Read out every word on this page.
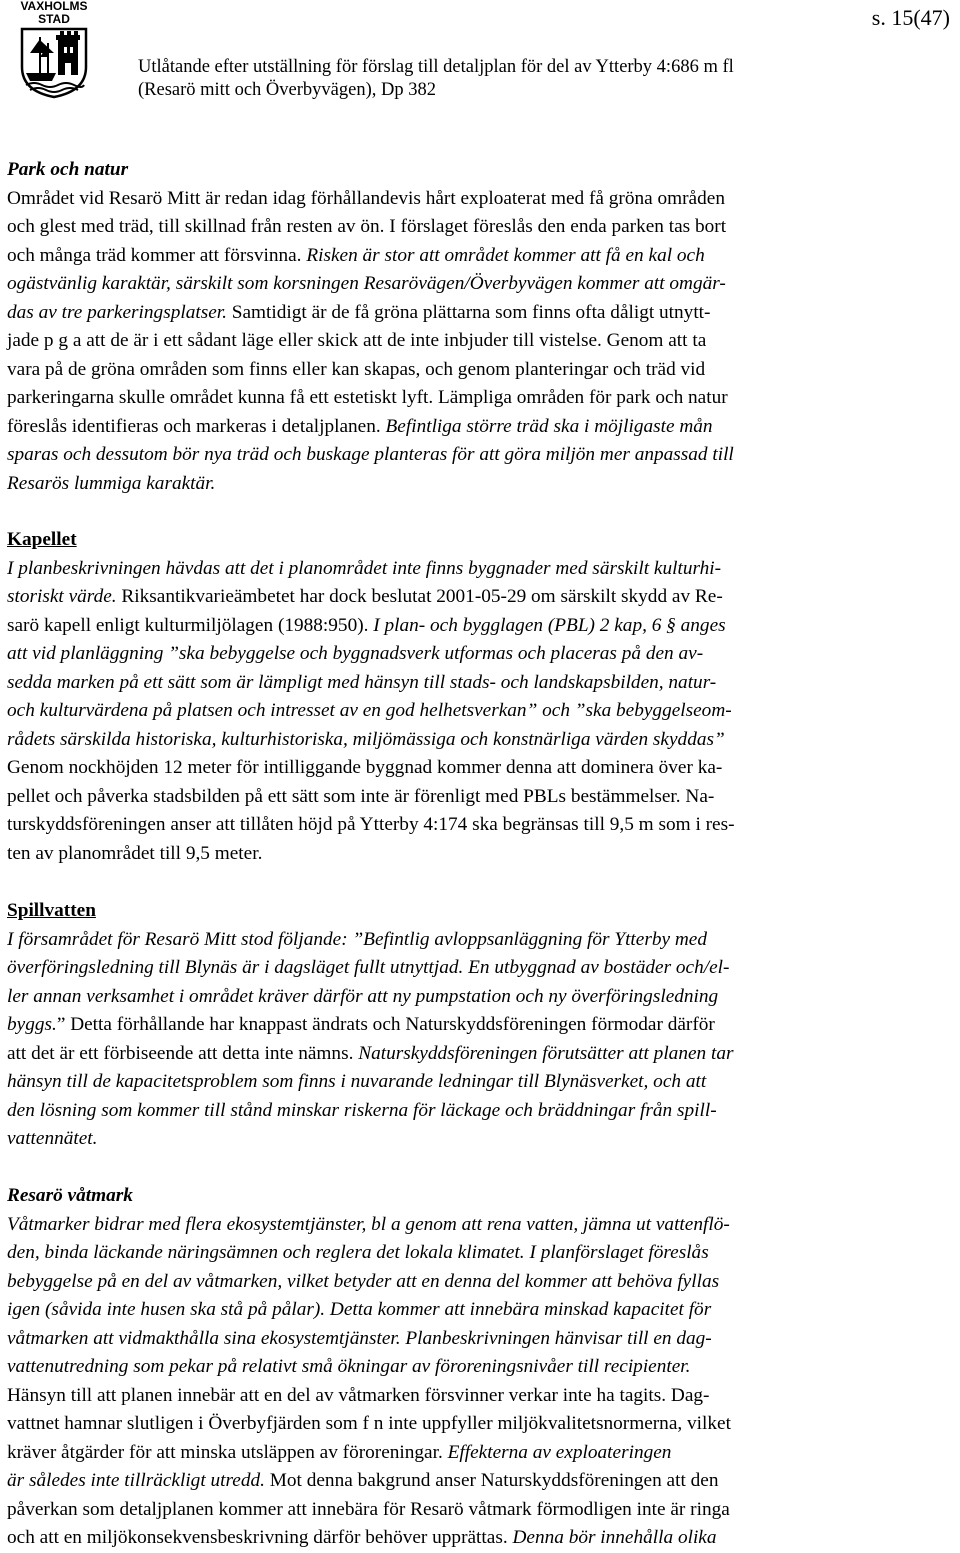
VAXHOLMS
STAD	s. 15(47)
Utlåtande efter utställning för förslag till detaljplan för del av Ytterby 4:686 m fl
(Resarö mitt och Överbyvägen), Dp 382
Park och natur

Området vid Resarö Mitt är redan idag förhållandevis hårt exploaterat med få gröna områden

och glest med träd, till skillnad från resten av ön. I förslaget föreslås den enda parken tas bort

och många träd kommer att försvinna. Risken är stor att området kommer att få en kal och

ogästvänlig karaktär, särskilt som korsningen Resarövägen/Överbyvägen kommer att omgär-

das av tre parkeringsplatser. Samtidigt är de få gröna plättarna som finns ofta dåligt utnytt-

jade p g a att de är i ett sådant läge eller skick att de inte inbjuder till vistelse. Genom att ta

vara på de gröna områden som finns eller kan skapas, och genom planteringar och träd vid

parkeringarna skulle området kunna få ett estetiskt lyft. Lämpliga områden för park och natur

föreslås identifieras och markeras i detaljplanen. Befintliga större träd ska i möjligaste mån

sparas och dessutom bör nya träd och buskage planteras för att göra miljön mer anpassad till

Resarös lummiga karaktär.

Kapellet

I planbeskrivningen hävdas att det i planområdet inte finns byggnader med särskilt kulturhi-

storiskt värde. Riksantikvarieämbetet har dock beslutat 2001-05-29 om särskilt skydd av Re-

sarö kapell enligt kulturmiljölagen (1988:950). I plan- och bygglagen (PBL) 2 kap, 6 § anges

att vid planläggning ”ska bebyggelse och byggnadsverk utformas och placeras på den av-

sedda marken på ett sätt som är lämpligt med hänsyn till stads- och landskapsbilden, natur-

och kulturvärdena på platsen och intresset av en god helhetsverkan” och ”ska bebyggelseom-

rådets särskilda historiska, kulturhistoriska, miljömässiga och konstnärliga värden skyddas”

Genom nockhöjden 12 meter för intilliggande byggnad kommer denna att dominera över ka-

pellet och påverka stadsbilden på ett sätt som inte är förenligt med PBLs bestämmelser. Na-

turskyddsföreningen anser att tillåten höjd på Ytterby 4:174 ska begränsas till 9,5 m som i res-

ten av planområdet till 9,5 meter.

Spillvatten

I församrådet för Resarö Mitt stod följande: ”Befintlig avloppsanläggning för Ytterby med

överföringsledning till Blynäs är i dagsläget fullt utnyttjad. En utbyggnad av bostäder och/el-

ler annan verksamhet i området kräver därför att ny pumpstation och ny överföringsledning

byggs.” Detta förhållande har knappast ändrats och Naturskyddsföreningen förmodar därför

att det är ett förbiseende att detta inte nämns. Naturskyddsföreningen förutsätter att planen tar

hänsyn till de kapacitetsproblem som finns i nuvarande ledningar till Blynäsverket, och att

den lösning som kommer till stånd minskar riskerna för läckage och bräddningar från spill-

vattennätet.

Resarö våtmark

Våtmarker bidrar med flera ekosystemtjänster, bl a genom att rena vatten, jämna ut vattenflö-

den, binda läckande näringsämnen och reglera det lokala klimatet. I planförslaget föreslås

bebyggelse på en del av våtmarken, vilket betyder att en denna del kommer att behöva fyllas

igen (såvida inte husen ska stå på pålar). Detta kommer att innebära minskad kapacitet för

våtmarken att vidmakthålla sina ekosystemtjänster. Planbeskrivningen hänvisar till en dag-

vattenutredning som pekar på relativt små ökningar av föroreningsnivåer till recipienter.

Hänsyn till att planen innebär att en del av våtmarken försvinner verkar inte ha tagits. Dag-

vattnet hamnar slutligen i Överbyfjärden som f n inte uppfyller miljökvalitetsnormerna, vilket

kräver åtgärder för att minska utsläppen av föroreningar. Effekterna av exploateringen

är således inte tillräckligt utredd. Mot denna bakgrund anser Naturskyddsföreningen att den

påverkan som detaljplanen kommer att innebära för Resarö våtmark förmodligen inte är ringa

och att en miljökonsekvensbeskrivning därför behöver upprättas. Denna bör innehålla olika
